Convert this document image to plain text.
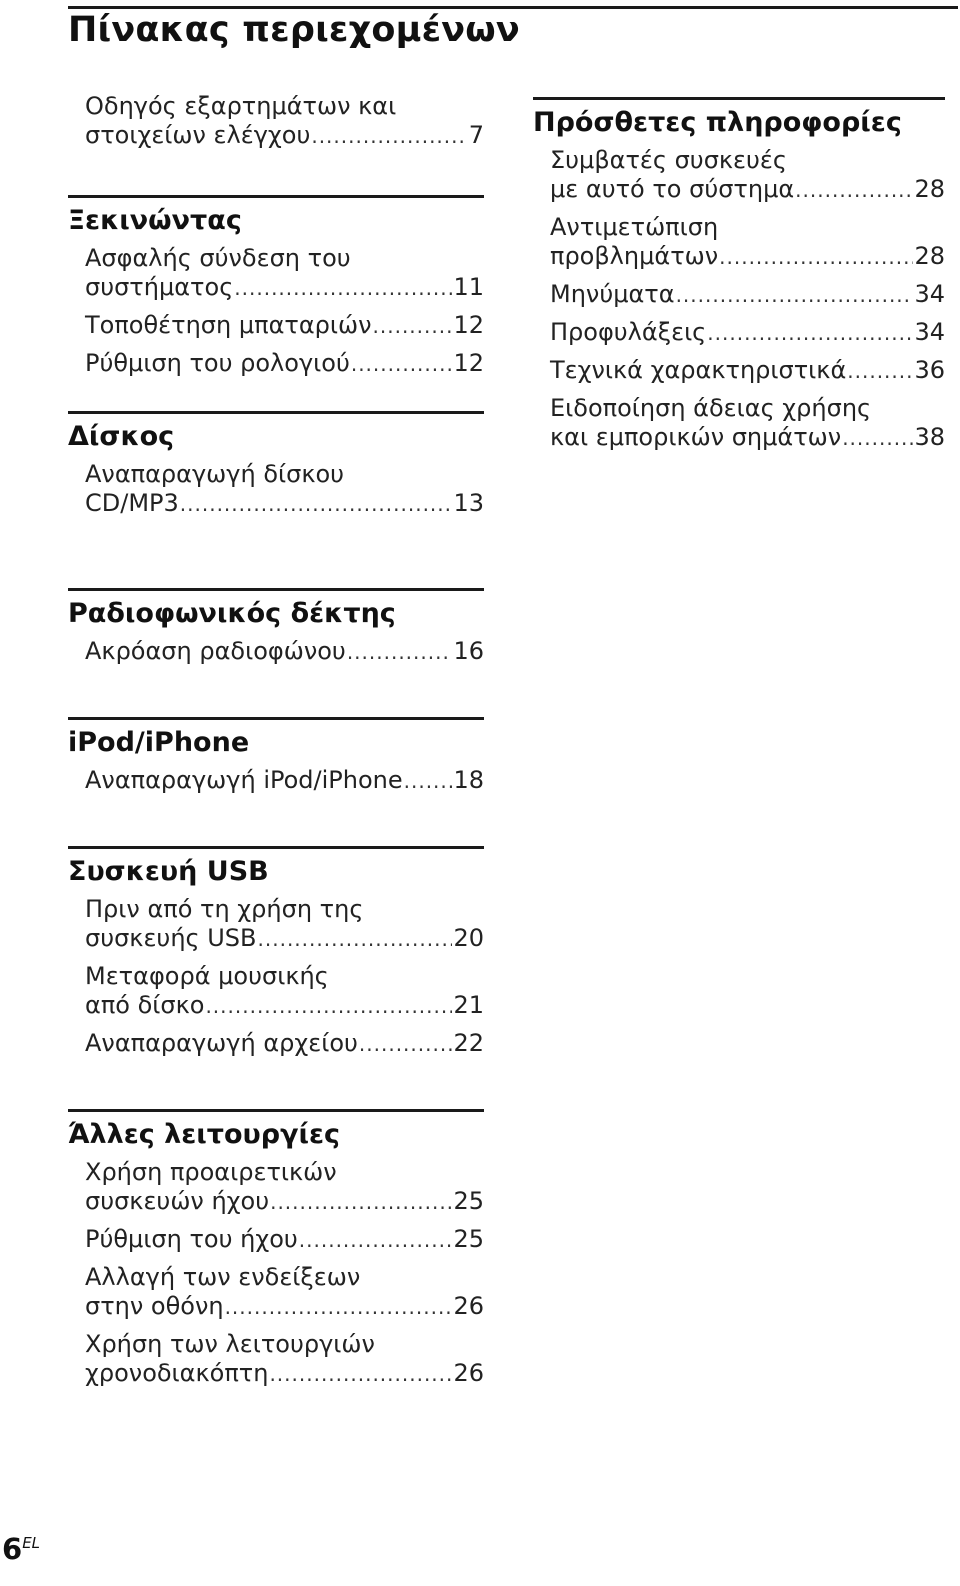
Πίνακας περιεχομένων
Οδηγός εξαρτημάτων και
στοιχείων ελέγχου .....	7
Ξεκινώντας
Ασφαλής σύνδεση του
συστήματος .....	11
Τοποθέτηση μπαταριών .....	12
Ρύθμιση του ρολογιού .....	12
Δίσκος
Αναπαραγωγή δίσκου
CD/MP3 .....	13
Ραδιοφωνικός δέκτης
Ακρόαση ραδιοφώνου .....	16
iPod/iPhone
Αναπαραγωγή iPod/iPhone ..... 18
Συσκευή USB
Πριν από τη χρήση της
συσκευής USB .....	20
Μεταφορά μουσικής
από δίσκο .....	21
Αναπαραγωγή αρχείου .....	22
Άλλες λειτουργίες
Χρήση προαιρετικών
συσκευών ήχου .....	25
Ρύθμιση του ήχου .....	25
Αλλαγή των ενδείξεων
στην οθόνη .....	26
Χρήση των λειτουργιών
χρονοδιακόπτη .....	26
Πρόσθετες πληροφορίες
Συμβατές συσκευές
με αυτό το σύστημα .....	28
Αντιμετώπιση
προβλημάτων .....	28
Μηνύματα .....	34
Προφυλάξεις .....	34
Τεχνικά χαρακτηριστικά .....	36
Ειδοποίηση άδειας χρήσης
και εμπορικών σημάτων .....	38
$6^{EL}$
